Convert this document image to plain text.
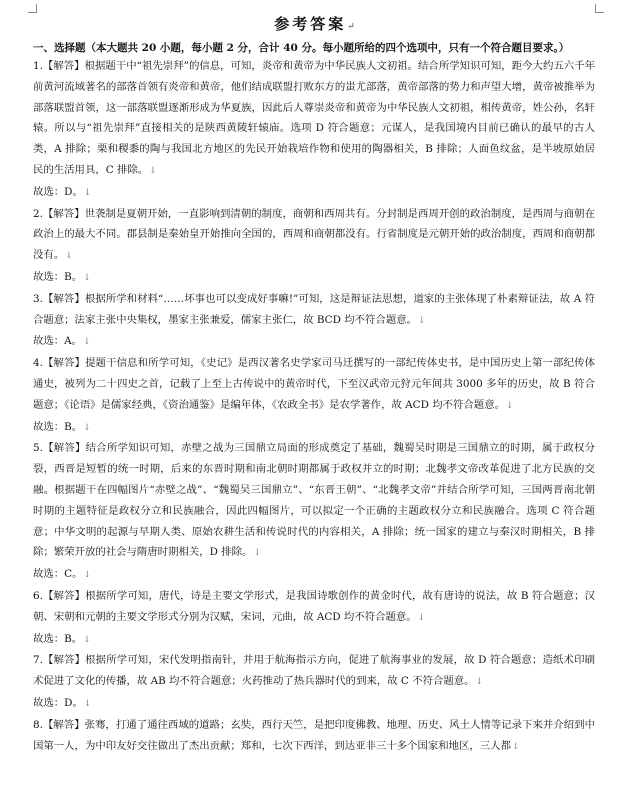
参考答案↵
一、选择题（本大题共 20 小题，每小题 2 分，合计 40 分。每小题所给的四个选项中，只有一个符合题目要求。）

1.【解答】根据题干中“祖先崇拜”的信息，可知，炎帝和黄帝为中华民族人文初祖。结合所学知识可知，距今大约五六千年前黄河流域著名的部落首领有炎帝和黄帝，他们结成联盟打败东方的蚩尤部落，黄帝部落的势力和声望大增，黄帝被推举为部落联盟首领，这一部落联盟逐渐形成为华夏族，因此后人尊崇炎帝和黄帝为中华民族人文初祖，相传黄帝，姓公孙，名轩辕。所以与“祖先崇拜”直接相关的是陕西黄陵轩辕庙。选项 D 符合题意；元谋人，是我国境内目前已确认的最早的古人类，A 排除；栗和稷黍的陶与我国北方地区的先民开始栽培作物和使用的陶器相关，B 排除；人面鱼纹盆，是半坡原始居民的生活用具，C 排除。↓

故选：D。↓

2.【解答】世袭制是夏朝开始，一直影响到清朝的制度，商朝和西周共有。分封制是西周开创的政治制度，是西周与商朝在政治上的最大不同。郡县制是秦始皇开始推向全国的，西周和商朝都没有。行省制度是元朝开始的政治制度，西周和商朝都没有。↓

故选：B。↓

3.【解答】根据所学和材料“……坏事也可以变成好事嘛!”可知，这是辩证法思想，道家的主张体现了朴素辩证法，故 A 符合题意；法家主张中央集权，墨家主张兼爱，儒家主张仁，故 BCD 均不符合题意。↓

故选：A。↓

4.【解答】提题干信息和所学可知，《史记》是西汉著名史学家司马迁撰写的一部纪传体史书，是中国历史上第一部纪传体通史，被列为二十四史之首，记载了上至上古传说中的黄帝时代，下至汉武帝元狩元年间共 3000 多年的历史，故 B 符合题意；《论语》是儒家经典，《资治通鉴》是编年体，《农政全书》是农学著作，故 ACD 均不符合题意。↓

故选：B。↓

5.【解答】结合所学知识可知，赤壁之战为三国鼎立局面的形成奠定了基础，魏蜀吴时期是三国鼎立的时期，属于政权分裂，西晋是短暂的统一时期，后来的东晋时期和南北朝时期都属于政权并立的时期；北魏孝文帝改革促进了北方民族的交融。根据题干在四幅图片“赤壁之战”、“魏蜀吴三国鼎立”、“东晋王朝”、“北魏孝文帝”并结合所学可知，三国两晋南北朝时期的主题特征是政权分立和民族融合，因此四幅图片，可以拟定一个正确的主题政权分立和民族融合。选项 C 符合题意；中华文明的起源与早期人类、原始农耕生活和传说时代的内容相关，A 排除；统一国家的建立与秦汉时期相关，B 排除；繁荣开放的社会与隋唐时期相关，D 排除。↓

故选：C。↓

6.【解答】根据所学可知，唐代，诗是主要文学形式，是我国诗歌创作的黄金时代，故有唐诗的说法，故 B 符合题意；汉朝、宋朝和元朝的主要文学形式分别为汉赋，宋词，元曲，故 ACD 均不符合题意。↓

故选：B。↓

7.【解答】根据所学可知，宋代发明指南针，并用于航海指示方向，促进了航海事业的发展，故 D 符合题意；造纸术印刷术促进了文化的传播，故 AB 均不符合题意；火药推动了热兵器时代的到来，故 C 不符合题意。↓

故选：D。↓

8.【解答】张骞，打通了通往西域的道路；玄奘，西行天竺，是把印度佛教、地理、历史、风土人情等记录下来并介绍到中国第一人，为中印友好交往做出了杰出贡献；郑和，七次下西洋，到达亚非三十多个国家和地区，三人都↓
